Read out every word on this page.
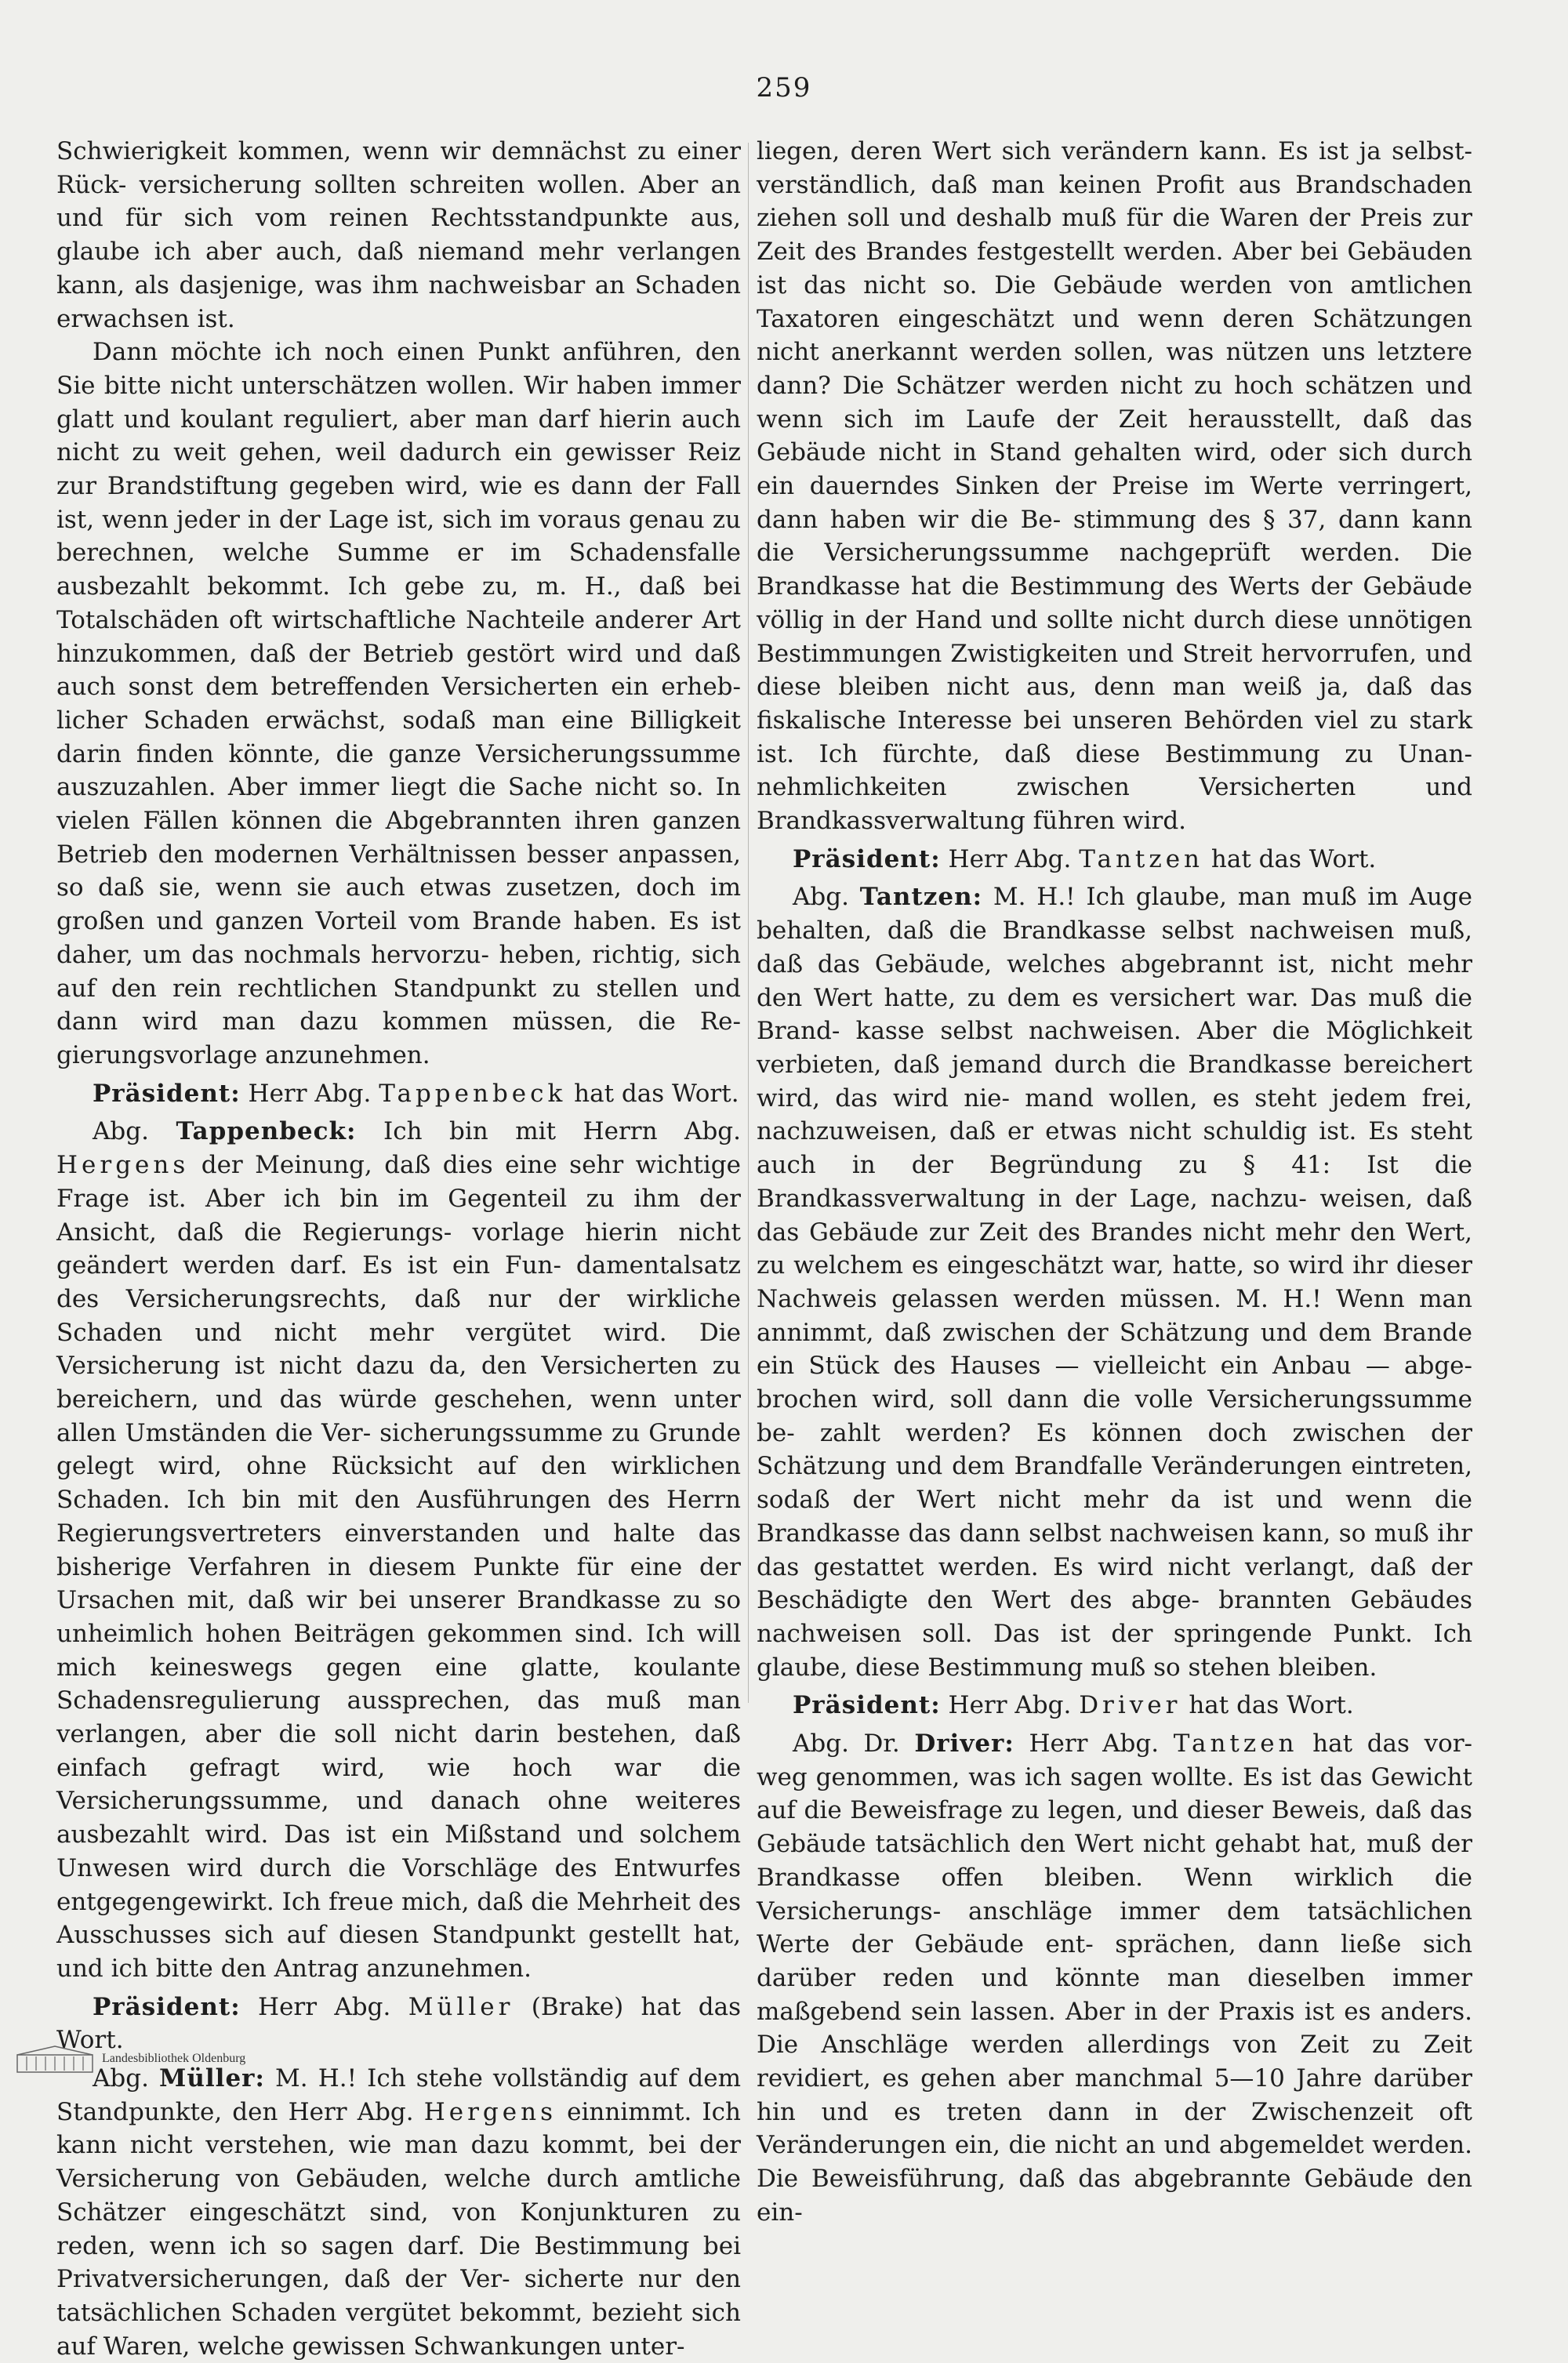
259

Schwierigkeit kommen, wenn wir demnächst zu einer Rück- versicherung sollten schreiten wollen. Aber an und für sich vom reinen Rechtsstandpunkte aus, glaube ich aber auch, daß niemand mehr verlangen kann, als dasjenige, was ihm nachweisbar an Schaden erwachsen ist.

Dann möchte ich noch einen Punkt anführen, den Sie bitte nicht unterschätzen wollen. Wir haben immer glatt und koulant reguliert, aber man darf hierin auch nicht zu weit gehen, weil dadurch ein gewisser Reiz zur Brandstiftung gegeben wird, wie es dann der Fall ist, wenn jeder in der Lage ist, sich im voraus genau zu berechnen, welche Summe er im Schadensfalle ausbezahlt bekommt. Ich gebe zu, m. H., daß bei Totalschäden oft wirtschaftliche Nachteile anderer Art hinzukommen, daß der Betrieb gestört wird und daß auch sonst dem betreffenden Versicherten ein erheb- licher Schaden erwächst, sodaß man eine Billigkeit darin finden könnte, die ganze Versicherungssumme auszuzahlen. Aber immer liegt die Sache nicht so. In vielen Fällen können die Abgebrannten ihren ganzen Betrieb den modernen Verhältnissen besser anpassen, so daß sie, wenn sie auch etwas zusetzen, doch im großen und ganzen Vorteil vom Brande haben. Es ist daher, um das nochmals hervorzu- heben, richtig, sich auf den rein rechtlichen Standpunkt zu stellen und dann wird man dazu kommen müssen, die Re- gierungsvorlage anzunehmen.

Präsident: Herr Abg. Tappenbeck hat das Wort.

Abg. Tappenbeck: Ich bin mit Herrn Abg. Hergens der Meinung, daß dies eine sehr wichtige Frage ist. Aber ich bin im Gegenteil zu ihm der Ansicht, daß die Regierungs- vorlage hierin nicht geändert werden darf. Es ist ein Fun- damentalsatz des Versicherungsrechts, daß nur der wirkliche Schaden und nicht mehr vergütet wird. Die Versicherung ist nicht dazu da, den Versicherten zu bereichern, und das würde geschehen, wenn unter allen Umständen die Ver- sicherungssumme zu Grunde gelegt wird, ohne Rücksicht auf den wirklichen Schaden. Ich bin mit den Ausführungen des Herrn Regierungsvertreters einverstanden und halte das bisherige Verfahren in diesem Punkte für eine der Ursachen mit, daß wir bei unserer Brandkasse zu so unheimlich hohen Beiträgen gekommen sind. Ich will mich keineswegs gegen eine glatte, koulante Schadensregulierung aussprechen, das muß man verlangen, aber die soll nicht darin bestehen, daß einfach gefragt wird, wie hoch war die Versicherungssumme, und danach ohne weiteres ausbezahlt wird. Das ist ein Mißstand und solchem Unwesen wird durch die Vorschläge des Entwurfes entgegengewirkt. Ich freue mich, daß die Mehrheit des Ausschusses sich auf diesen Standpunkt gestellt hat, und ich bitte den Antrag anzunehmen.

Präsident: Herr Abg. Müller (Brake) hat das Wort.

Abg. Müller: M. H.! Ich stehe vollständig auf dem Standpunkte, den Herr Abg. Hergens einnimmt. Ich kann nicht verstehen, wie man dazu kommt, bei der Versicherung von Gebäuden, welche durch amtliche Schätzer eingeschätzt sind, von Konjunkturen zu reden, wenn ich so sagen darf. Die Bestimmung bei Privatversicherungen, daß der Ver- sicherte nur den tatsächlichen Schaden vergütet bekommt, bezieht sich auf Waren, welche gewissen Schwankungen unter-

liegen, deren Wert sich verändern kann. Es ist ja selbst- verständlich, daß man keinen Profit aus Brandschaden ziehen soll und deshalb muß für die Waren der Preis zur Zeit des Brandes festgestellt werden. Aber bei Gebäuden ist das nicht so. Die Gebäude werden von amtlichen Taxatoren eingeschätzt und wenn deren Schätzungen nicht anerkannt werden sollen, was nützen uns letztere dann? Die Schätzer werden nicht zu hoch schätzen und wenn sich im Laufe der Zeit herausstellt, daß das Gebäude nicht in Stand gehalten wird, oder sich durch ein dauerndes Sinken der Preise im Werte verringert, dann haben wir die Be- stimmung des § 37, dann kann die Versicherungssumme nachgeprüft werden. Die Brandkasse hat die Bestimmung des Werts der Gebäude völlig in der Hand und sollte nicht durch diese unnötigen Bestimmungen Zwistigkeiten und Streit hervorrufen, und diese bleiben nicht aus, denn man weiß ja, daß das fiskalische Interesse bei unseren Behörden viel zu stark ist. Ich fürchte, daß diese Bestimmung zu Unan- nehmlichkeiten zwischen Versicherten und Brandkassverwaltung führen wird.

Präsident: Herr Abg. Tantzen hat das Wort.

Abg. Tantzen: M. H.! Ich glaube, man muß im Auge behalten, daß die Brandkasse selbst nachweisen muß, daß das Gebäude, welches abgebrannt ist, nicht mehr den Wert hatte, zu dem es versichert war. Das muß die Brand- kasse selbst nachweisen. Aber die Möglichkeit verbieten, daß jemand durch die Brandkasse bereichert wird, das wird nie- mand wollen, es steht jedem frei, nachzuweisen, daß er etwas nicht schuldig ist. Es steht auch in der Begründung zu § 41: Ist die Brandkassverwaltung in der Lage, nachzu- weisen, daß das Gebäude zur Zeit des Brandes nicht mehr den Wert, zu welchem es eingeschätzt war, hatte, so wird ihr dieser Nachweis gelassen werden müssen. M. H.! Wenn man annimmt, daß zwischen der Schätzung und dem Brande ein Stück des Hauses — vielleicht ein Anbau — abge- brochen wird, soll dann die volle Versicherungssumme be- zahlt werden? Es können doch zwischen der Schätzung und dem Brandfalle Veränderungen eintreten, sodaß der Wert nicht mehr da ist und wenn die Brandkasse das dann selbst nachweisen kann, so muß ihr das gestattet werden. Es wird nicht verlangt, daß der Beschädigte den Wert des abge- brannten Gebäudes nachweisen soll. Das ist der springende Punkt. Ich glaube, diese Bestimmung muß so stehen bleiben.

Präsident: Herr Abg. Driver hat das Wort.

Abg. Dr. Driver: Herr Abg. Tantzen hat das vor- weg genommen, was ich sagen wollte. Es ist das Gewicht auf die Beweisfrage zu legen, und dieser Beweis, daß das Gebäude tatsächlich den Wert nicht gehabt hat, muß der Brandkasse offen bleiben. Wenn wirklich die Versicherungs- anschläge immer dem tatsächlichen Werte der Gebäude ent- sprächen, dann ließe sich darüber reden und könnte man dieselben immer maßgebend sein lassen. Aber in der Praxis ist es anders. Die Anschläge werden allerdings von Zeit zu Zeit revidiert, es gehen aber manchmal 5—10 Jahre darüber hin und es treten dann in der Zwischenzeit oft Veränderungen ein, die nicht an und abgemeldet werden. Die Beweisführung, daß das abgebrannte Gebäude den ein-

Landesbibliothek Oldenburg
